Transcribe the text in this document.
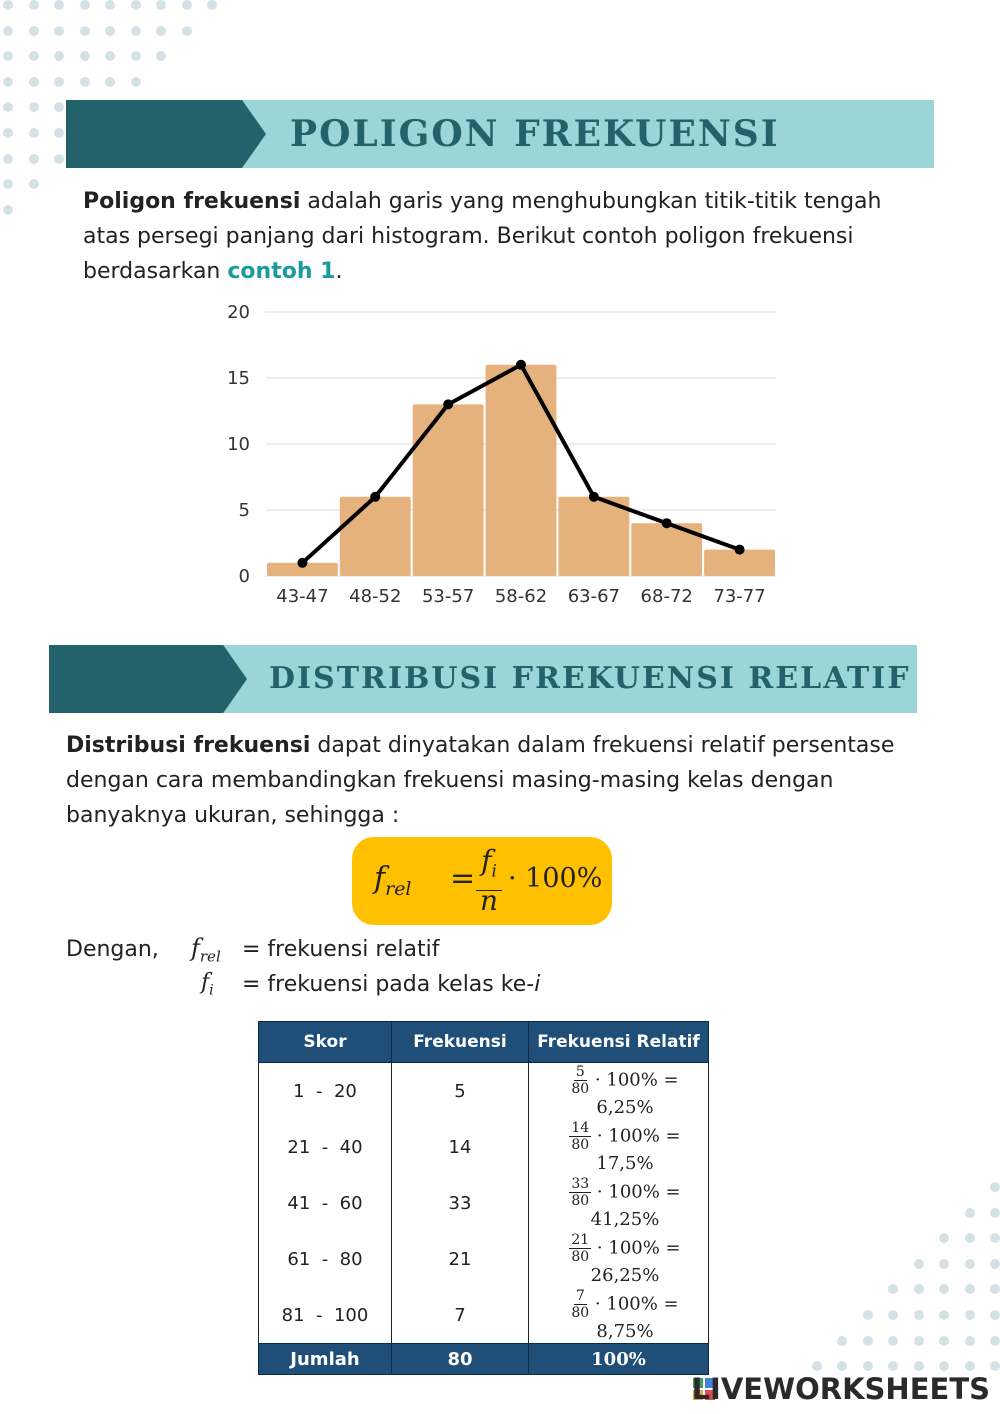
POLIGON FREKUENSI
Poligon frekuensi adalah garis yang menghubungkan titik-titik tengah atas persegi panjang dari histogram. Berikut contoh poligon frekuensi berdasarkan contoh 1.
0
5
10
15
20
43-47 48-52 53-57 58-62 63-67 68-72 73-77
DISTRIBUSI FREKUENSI RELATIF
Distribusi frekuensi dapat dinyatakan dalam frekuensi relatif persentase dengan cara membandingkan frekuensi masing-masing kelas dengan banyaknya ukuran, sehingga :
$f_{rel}$ =
$f_i$
n
· 100%
Dengan, $f_{rel}$ = frekuensi relatif
$f_i$ = frekuensi pada kelas ke-i
Skor	Frekuensi	Frekuensi Relatif
1  -  20	5	$\frac{5}{80} \cdot 100\% = 6,25\%$
21  -  40	14	$\frac{14}{80} \cdot 100\% = 17,5\%$
41  -  60	33	$\frac{33}{80} \cdot 100\% = 41,25\%$
61  -  80	21	$\frac{21}{80} \cdot 100\% = 26,25\%$
81  -  100	7	$\frac{7}{80} \cdot 100\% = 8,75\%$
Jumlah	80	100%
LIVEWORKSHEETS
